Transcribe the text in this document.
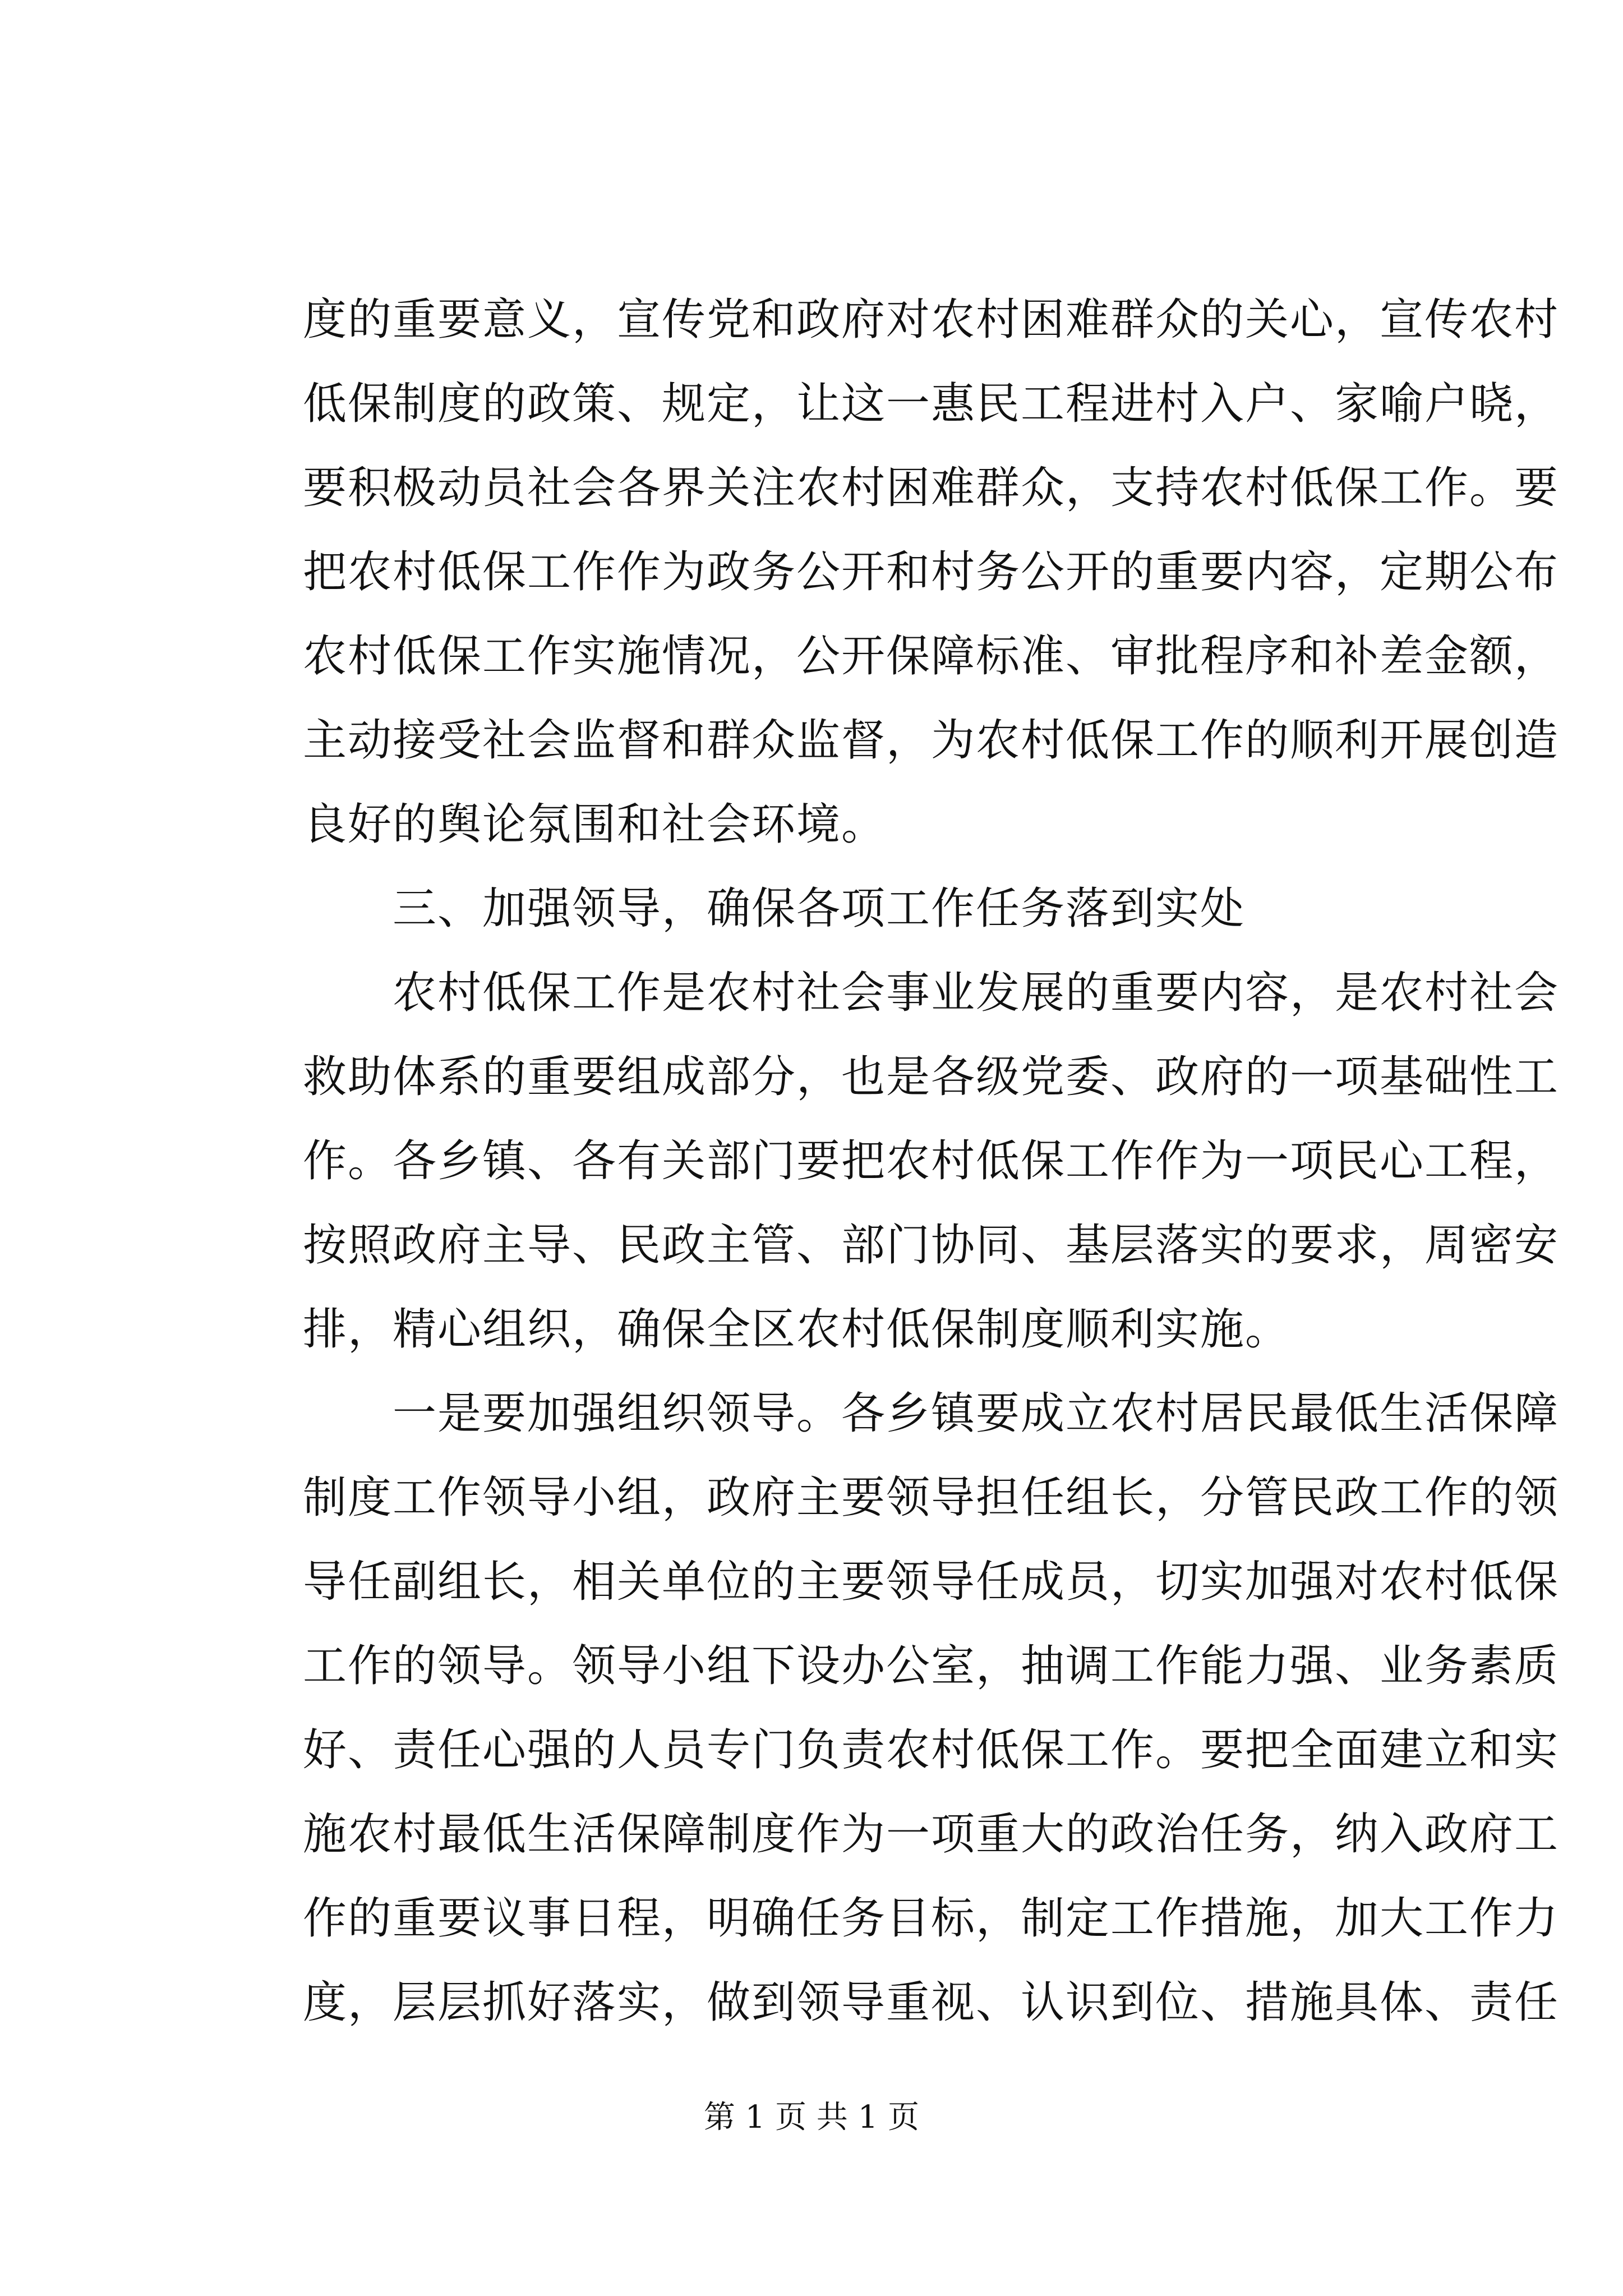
度的重要意义，宣传党和政府对农村困难群众的关心，宣传农村
低保制度的政策、规定，让这一惠民工程进村入户、家喻户晓，
要积极动员社会各界关注农村困难群众，支持农村低保工作。要
把农村低保工作作为政务公开和村务公开的重要内容，定期公布
农村低保工作实施情况，公开保障标准、审批程序和补差金额，
主动接受社会监督和群众监督，为农村低保工作的顺利开展创造
良好的舆论氛围和社会环境。
　　三、加强领导，确保各项工作任务落到实处
　　农村低保工作是农村社会事业发展的重要内容，是农村社会
救助体系的重要组成部分，也是各级党委、政府的一项基础性工
作。各乡镇、各有关部门要把农村低保工作作为一项民心工程，
按照政府主导、民政主管、部门协同、基层落实的要求，周密安
排，精心组织，确保全区农村低保制度顺利实施。
　　一是要加强组织领导。各乡镇要成立农村居民最低生活保障
制度工作领导小组，政府主要领导担任组长，分管民政工作的领
导任副组长，相关单位的主要领导任成员，切实加强对农村低保
工作的领导。领导小组下设办公室，抽调工作能力强、业务素质
好、责任心强的人员专门负责农村低保工作。要把全面建立和实
施农村最低生活保障制度作为一项重大的政治任务，纳入政府工
作的重要议事日程，明确任务目标，制定工作措施，加大工作力
度，层层抓好落实，做到领导重视、认识到位、措施具体、责任
第 1 页 共 1 页
